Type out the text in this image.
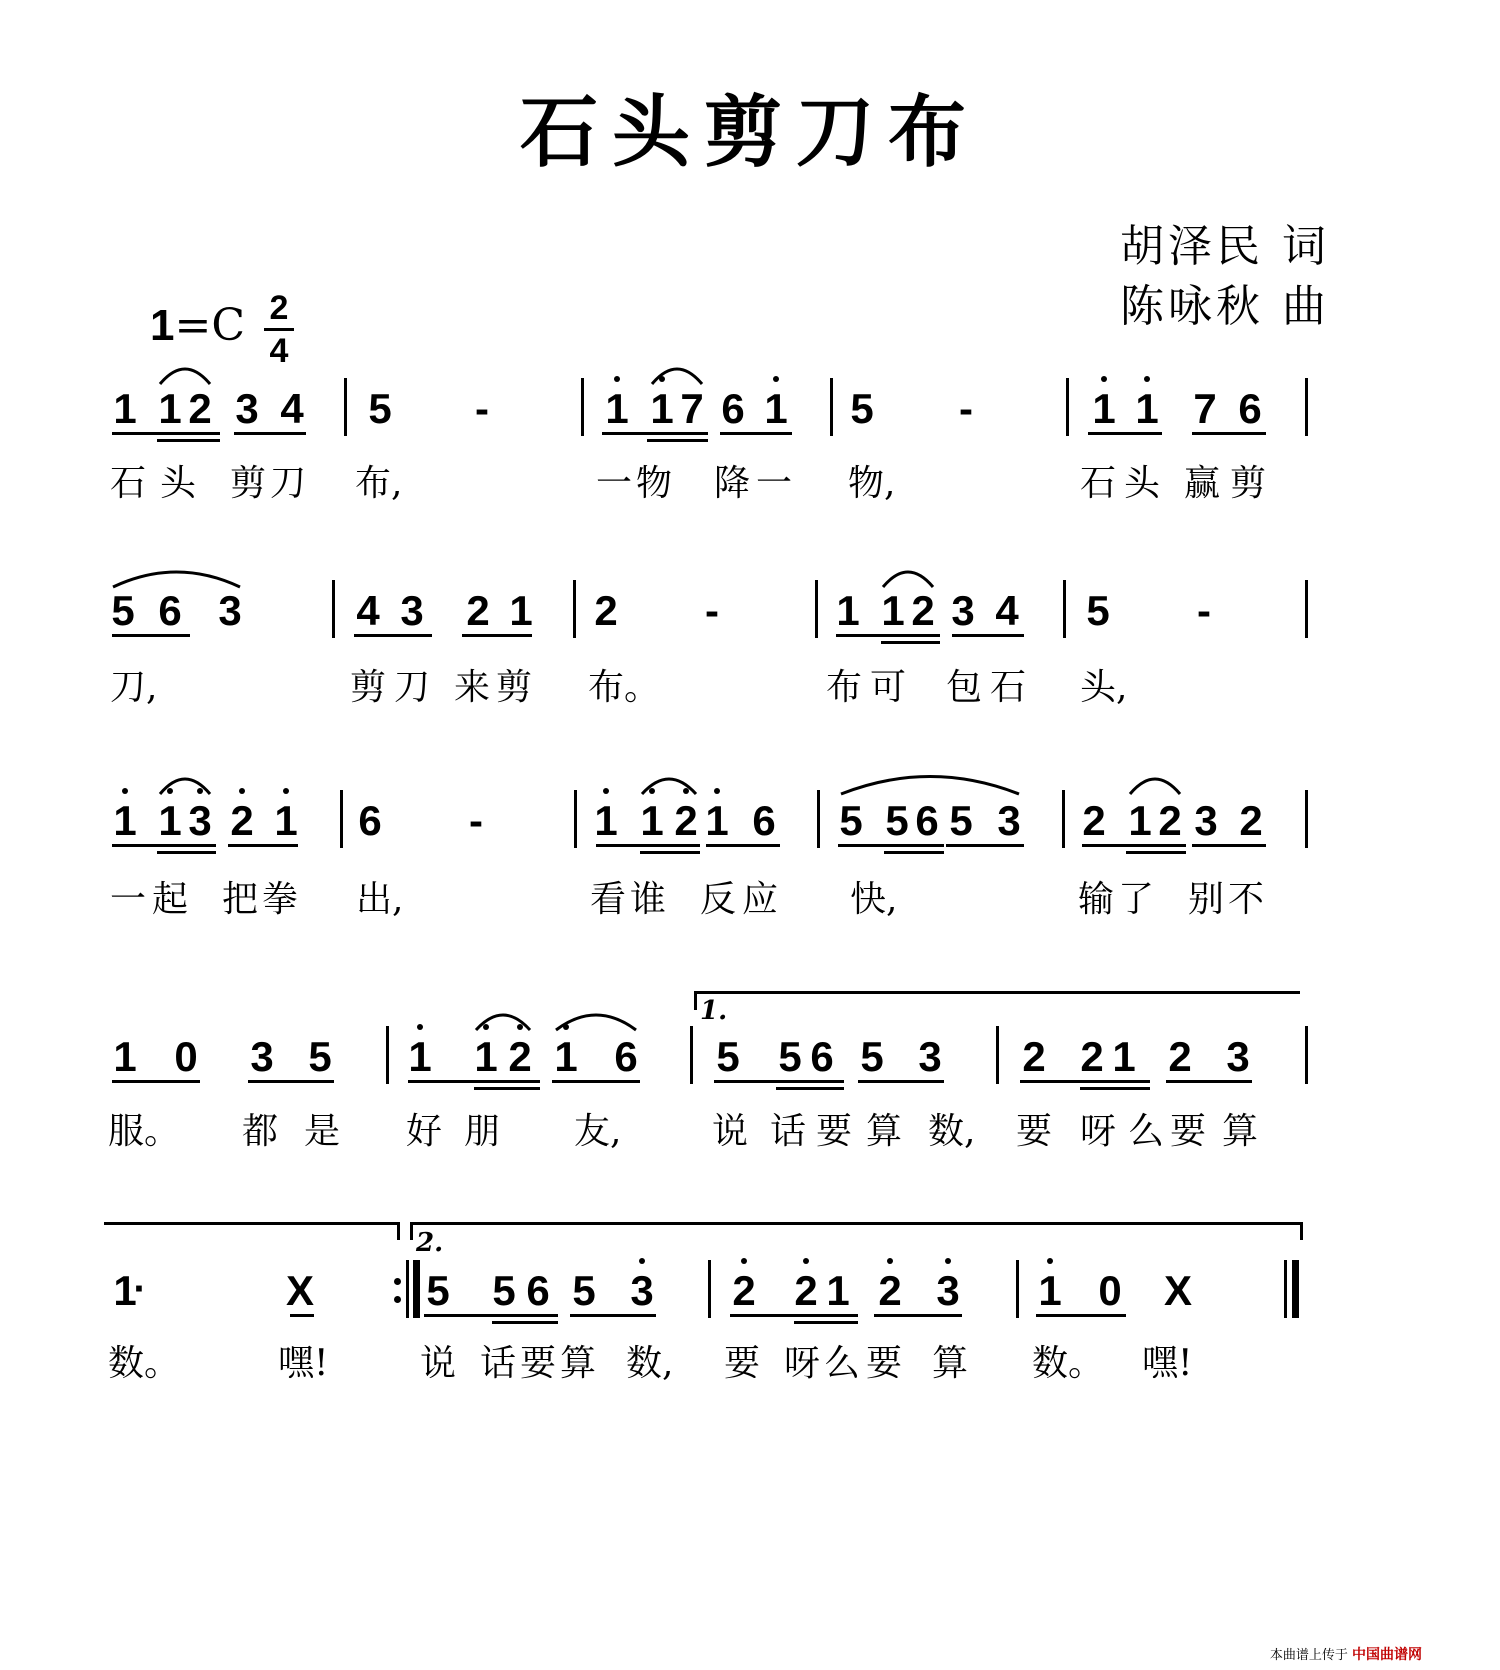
石头剪刀布
胡泽民 词
陈咏秋 曲
1=C 2
4
1 1 2 3 4 5 -	1 1 7 6 1 5 -	1 1 7 6
石 头 剪 刀 布,	一 物 降 一 物,	石 头 赢 剪
5 6 3	4 3 2 1 2 -	1 1 2 3 4 5 -
刀,	剪 刀 来 剪 布。	布 可 包 石 头,
1 1 3 2 1 6 -	1 1 2 1 6 5 5 6 5 3 2 1 2 3 2
一 起 把 拳 出,	看 谁 反 应 快,	输 了 别 不
1 0 3 5 1 1 2 1 6 5 5 6 5 3 2 2 1 2 3
服。 都 是 好 朋 友,	说 话 要 算 数, 要 呀 么 要 算
1.
1
·	X	5 5 6 5 3 2 2 1 2 3 1 0 X
数。	嘿!	说 话 要 算 数, 要 呀 么 要 算 数。 嘿!
2.
本曲谱上传于 中国曲谱网
